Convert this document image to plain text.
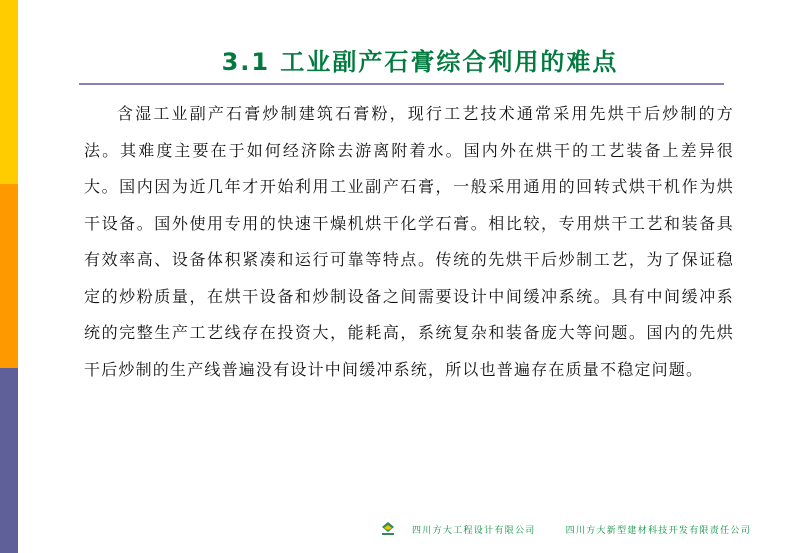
3.1 工业副产石膏综合利用的难点

含湿工业副产石膏炒制建筑石膏粉，现行工艺技术通常采用先烘干后炒制的方法。其难度主要在于如何经济除去游离附着水。国内外在烘干的工艺装备上差异很大。国内因为近几年才开始利用工业副产石膏，一般采用通用的回转式烘干机作为烘干设备。国外使用专用的快速干燥机烘干化学石膏。相比较，专用烘干工艺和装备具有效率高、设备体积紧凑和运行可靠等特点。传统的先烘干后炒制工艺，为了保证稳定的炒粉质量，在烘干设备和炒制设备之间需要设计中间缓冲系统。具有中间缓冲系统的完整生产工艺线存在投资大，能耗高，系统复杂和装备庞大等问题。国内的先烘干后炒制的生产线普遍没有设计中间缓冲系统，所以也普遍存在质量不稳定问题。

四川方大工程设计有限公司	四川方大新型建材科技开发有限责任公司
